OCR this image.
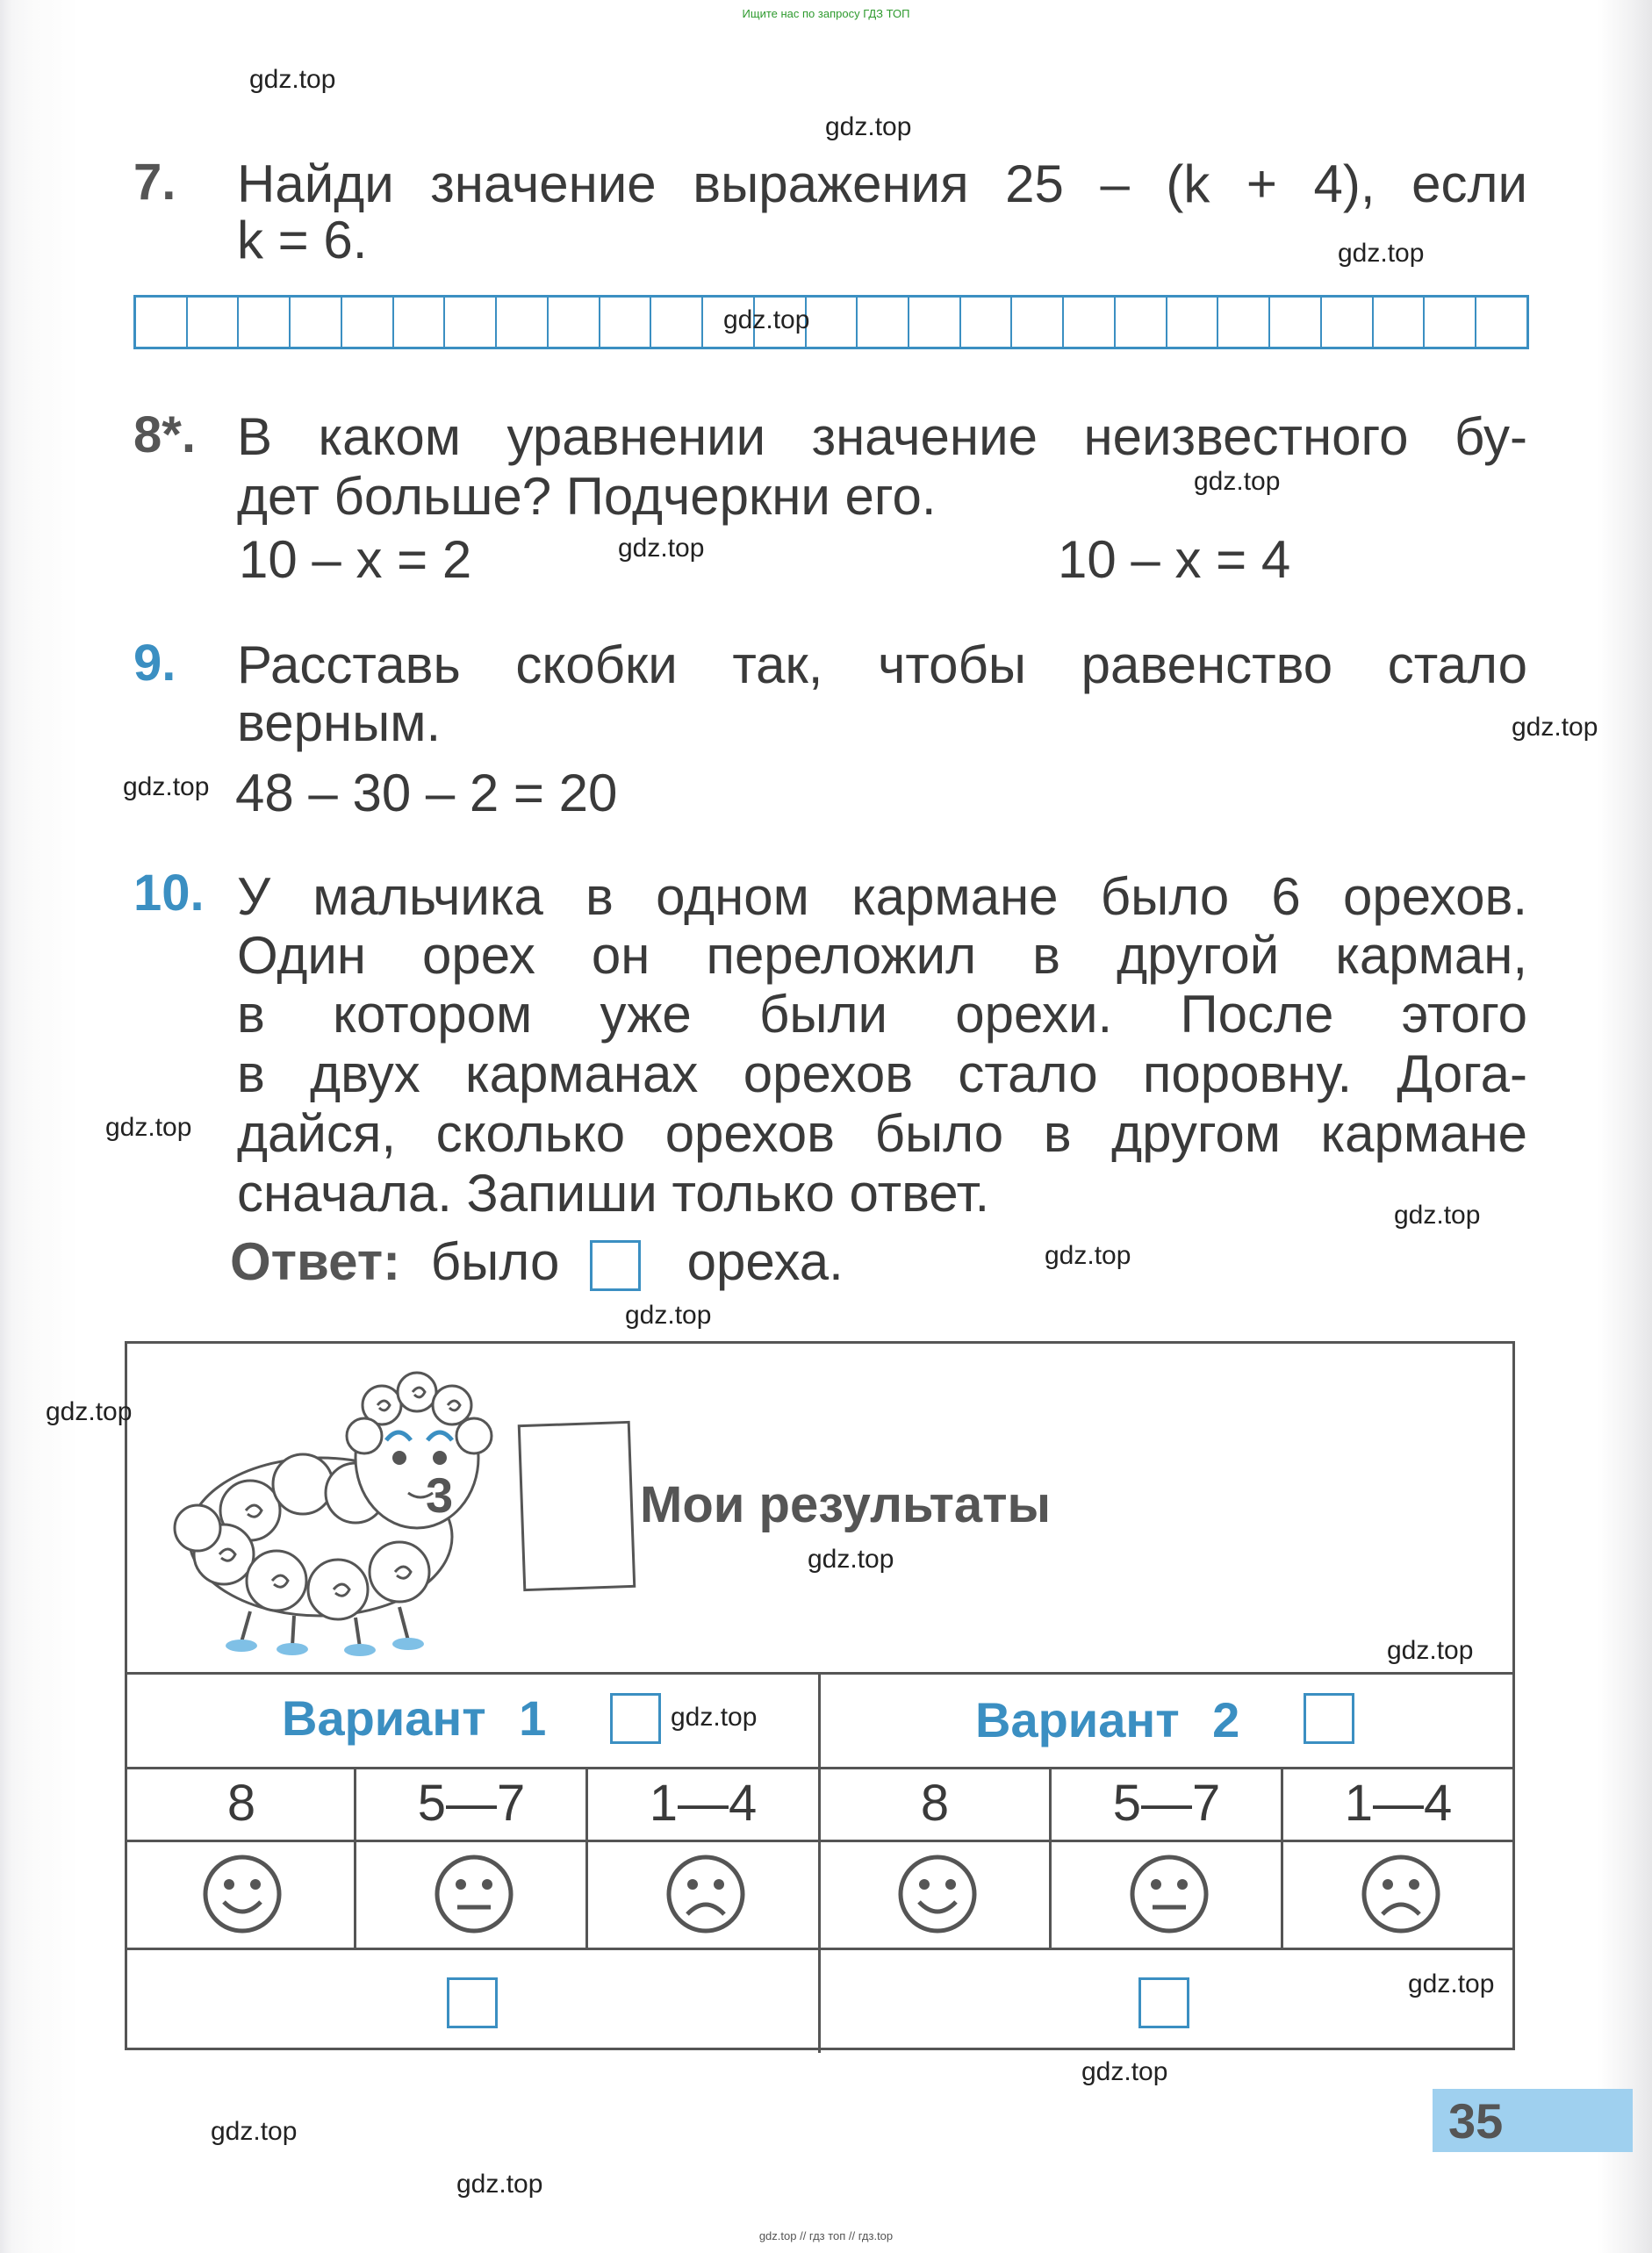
Ищите нас по запросу ГДЗ ТОП
7. Найди значение выражения 25 – (k + 4), если
k = 6.
8*. В каком уравнении значение неизвестного бу-
дет больше? Подчеркни его.
10 – x = 2	10 – x = 4
9. Расставь скобки так, чтобы равенство стало
верным.
48 – 30 – 2 = 20
10. У мальчика в одном кармане было 6 орехов.
Один орех он переложил в другой карман,
в котором уже были орехи. После этого
в двух карманах орехов стало поровну. Дога-
дайся, сколько орехов было в другом кармане
сначала. Запиши только ответ.
Ответ: было ореха.
3	Мои результаты
Вариант 1	Вариант 2
8	5—7	1—4	8	5—7	1—4
35
gdz.top
gdz.top
gdz.top
gdz.top
gdz.top
gdz.top
gdz.top
gdz.top
gdz.top
gdz.top
gdz.top
gdz.top
gdz.top
gdz.top
gdz.top
gdz.top
gdz.top
gdz.top
gdz.top
gdz.top
gdz.top // гдз топ // гдз.top
